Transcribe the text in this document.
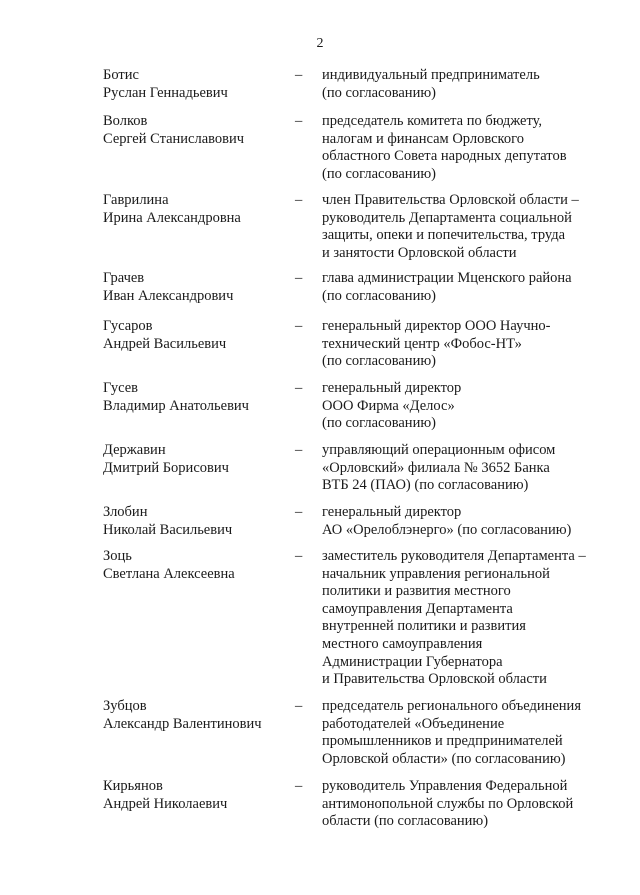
2
Ботис
Руслан Геннадьевич
–	индивидуальный предприниматель
(по согласованию)
Волков
Сергей Станиславович
–	председатель комитета по бюджету,
налогам и финансам Орловского
областного Совета народных депутатов
(по согласованию)
Гаврилина
Ирина Александровна
–	член Правительства Орловской области –
руководитель Департамента социальной
защиты, опеки и попечительства, труда
и занятости Орловской области
Грачев
Иван Александрович
–	глава администрации Мценского района
(по согласованию)
Гусаров
Андрей Васильевич
–	генеральный директор ООО Научно-
технический центр «Фобос-НТ»
(по согласованию)
Гусев
Владимир Анатольевич
–	генеральный директор
ООО Фирма «Делос»
(по согласованию)
Державин
Дмитрий Борисович
–	управляющий операционным офисом
«Орловский» филиала № 3652 Банка
ВТБ 24 (ПАО) (по согласованию)
Злобин
Николай Васильевич
–	генеральный директор
АО «Орелоблэнерго» (по согласованию)
Зоць
Светлана Алексеевна
–	заместитель руководителя Департамента –
начальник управления региональной
политики и развития местного
самоуправления Департамента
внутренней политики и развития
местного самоуправления
Администрации Губернатора
и Правительства Орловской области
Зубцов
Александр Валентинович
–	председатель регионального объединения
работодателей «Объединение
промышленников и предпринимателей
Орловской области» (по согласованию)
Кирьянов
Андрей Николаевич
–	руководитель Управления Федеральной
антимонопольной службы по Орловской
области (по согласованию)
